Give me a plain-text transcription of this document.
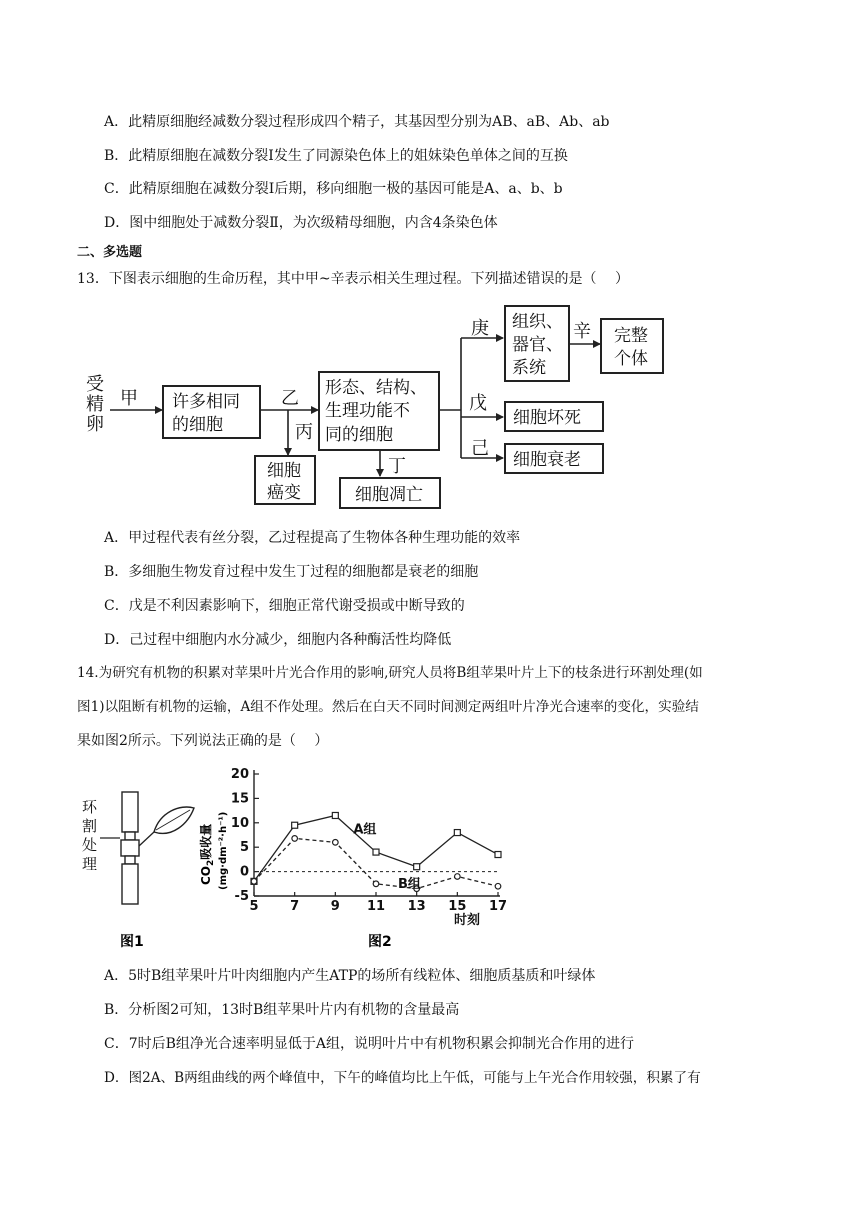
A．此精原细胞经减数分裂过程形成四个精子，其基因型分别为AB、aB、Ab、ab
B．此精原细胞在减数分裂Ⅰ发生了同源染色体上的姐妹染色单体之间的互换
C．此精原细胞在减数分裂Ⅰ后期，移向细胞一极的基因可能是A、a、b、b
D．图中细胞处于减数分裂Ⅱ，为次级精母细胞，内含4条染色体
二、多选题
13．下图表示细胞的生命历程，其中甲~辛表示相关生理过程。下列描述错误的是（　 ）
受
精
卵
甲 许多相同
的细胞
乙
丙
细胞
癌变
形态、结构、
生理功能不
同的细胞
丁
细胞凋亡
庚
戊
己
组织、
器官、
系统
辛 完整
个体
细胞坏死
细胞衰老
A．甲过程代表有丝分裂，乙过程提高了生物体各种生理功能的效率
B．多细胞生物发育过程中发生丁过程的细胞都是衰老的细胞
C．戊是不利因素影响下，细胞正常代谢受损或中断导致的
D．己过程中细胞内水分减少，细胞内各种酶活性均降低
14.为研究有机物的积累对苹果叶片光合作用的影响,研究人员将B组苹果叶片上下的枝条进行环割处理(如
图1)以阻断有机物的运输，A组不作处理。然后在白天不同时间测定两组叶片净光合速率的变化，实验结
果如图2所示。下列说法正确的是（　 ）
环
割
处
理
图1
$CO_2$吸收量 (mg·dm⁻²·h⁻¹)
时刻
图2
-5
0
5
10
15
20
5 7 9 11 13 15 17
A组
B组
A．5时B组苹果叶片叶肉细胞内产生ATP的场所有线粒体、细胞质基质和叶绿体
B．分析图2可知，13时B组苹果叶片内有机物的含量最高
C．7时后B组净光合速率明显低于A组，说明叶片中有机物积累会抑制光合作用的进行
D．图2A、B两组曲线的两个峰值中，下午的峰值均比上午低，可能与上午光合作用较强，积累了有
